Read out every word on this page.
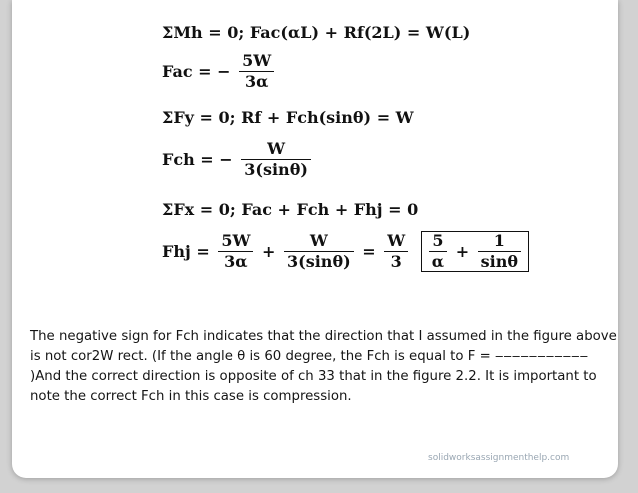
ΣMh = 0; Fac(αL) + Rf(2L) = W(L)
Fac = − $\frac{5W}{3\alpha}$
ΣFy = 0; Rf + Fch(sinθ) = W
Fch = − $\frac{W}{3(\sin\theta)}$
ΣFx = 0; Fac + Fch + Fhj = 0
Fhj = $\frac{5W}{3\alpha} + \frac{W}{3(\sin\theta)} = \frac{W}{3}$
$\frac{5}{\alpha} + \frac{1}{\sin\theta}$
The negative sign for Fch indicates that the direction that I assumed in the figure above is not cor2W rect. (If the angle θ is 60 degree, the Fch is equal to F = ‒‒‒‒‒‒‒‒‒‒‒ )And the correct direction is opposite of ch 33 that in the figure 2.2. It is important to note the correct Fch in this case is compression.
solidworksassignmenthelp.com
